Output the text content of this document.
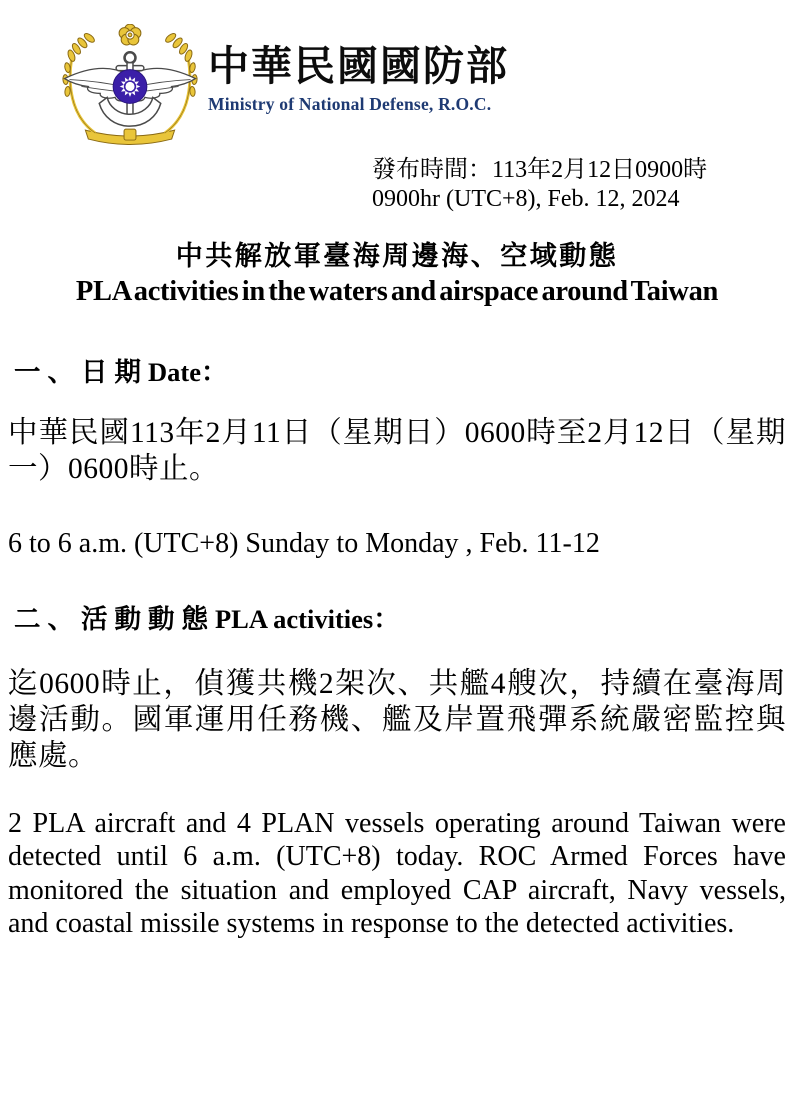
中華民國國防部
Ministry of National Defense, R.O.C.
發布時間：113年2月12日0900時
0900hr (UTC+8), Feb. 12, 2024
中共解放軍臺海周邊海、空域動態
PLA activities in the waters and airspace around Taiwan
一、日期Date：

中華民國113年2月11日（星期日）0600時至2月12日（星期一）0600時止。

6 to 6 a.m. (UTC+8) Sunday to Monday , Feb. 11-12

二、活動動態PLA activities：

迄0600時止，偵獲共機2架次、共艦4艘次，持續在臺海周邊活動。國軍運用任務機、艦及岸置飛彈系統嚴密監控與應處。

2 PLA aircraft and 4 PLAN vessels operating around Taiwan were detected until 6 a.m. (UTC+8) today. ROC Armed Forces have monitored the situation and employed CAP aircraft, Navy vessels, and coastal missile systems in response to the detected activities.
